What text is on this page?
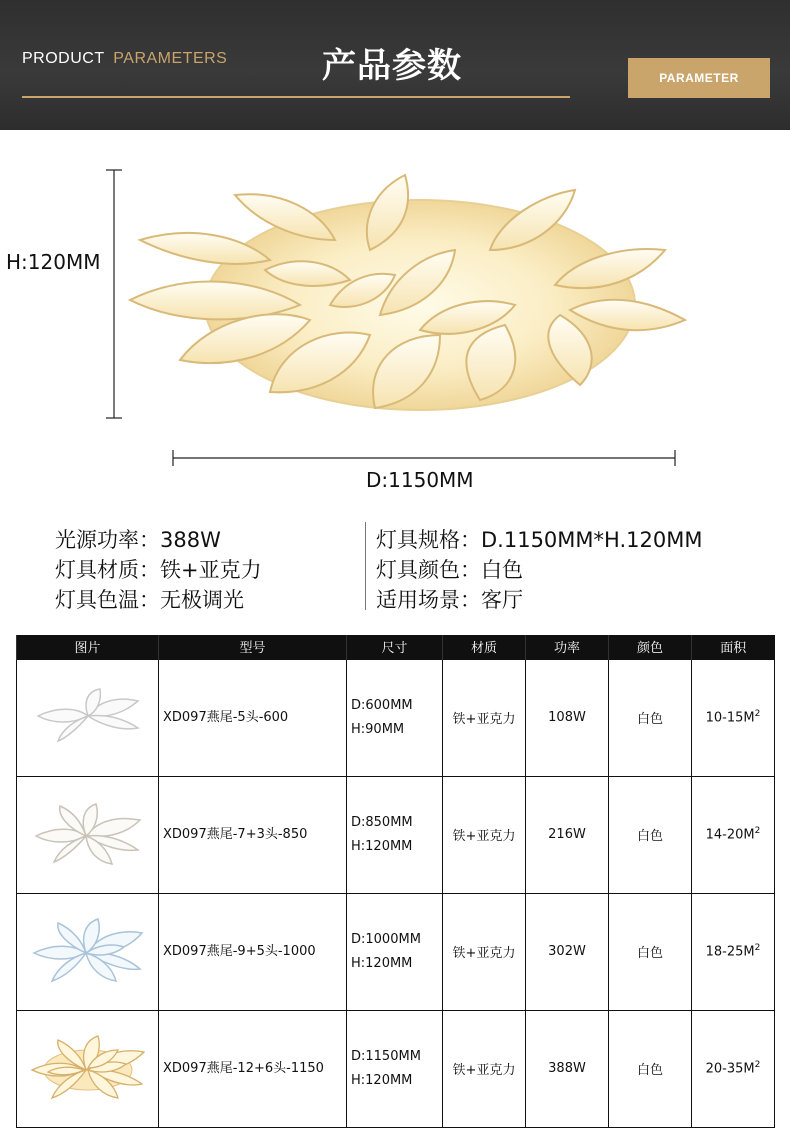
PRODUCT PARAMETERS	产品参数	PARAMETER
H:120MM
D:1150MM
光源功率：388W
灯具材质：铁+亚克力
灯具色温：无极调光
灯具规格：D.1150MM*H.120MM
灯具颜色：白色
适用场景：客厅
图片	型号	尺寸	材质	功率	颜色	面积
	XD097燕尾-5头-600	D:600MM
H:90MM	铁+亚克力	108W	白色	$10-15M^2$
	XD097燕尾-7+3头-850	D:850MM
H:120MM	铁+亚克力	216W	白色	$14-20M^2$
	XD097燕尾-9+5头-1000	D:1000MM
H:120MM	铁+亚克力	302W	白色	$18-25M^2$
	XD097燕尾-12+6头-1150	D:1150MM
H:120MM	铁+亚克力	388W	白色	$20-35M^2$
